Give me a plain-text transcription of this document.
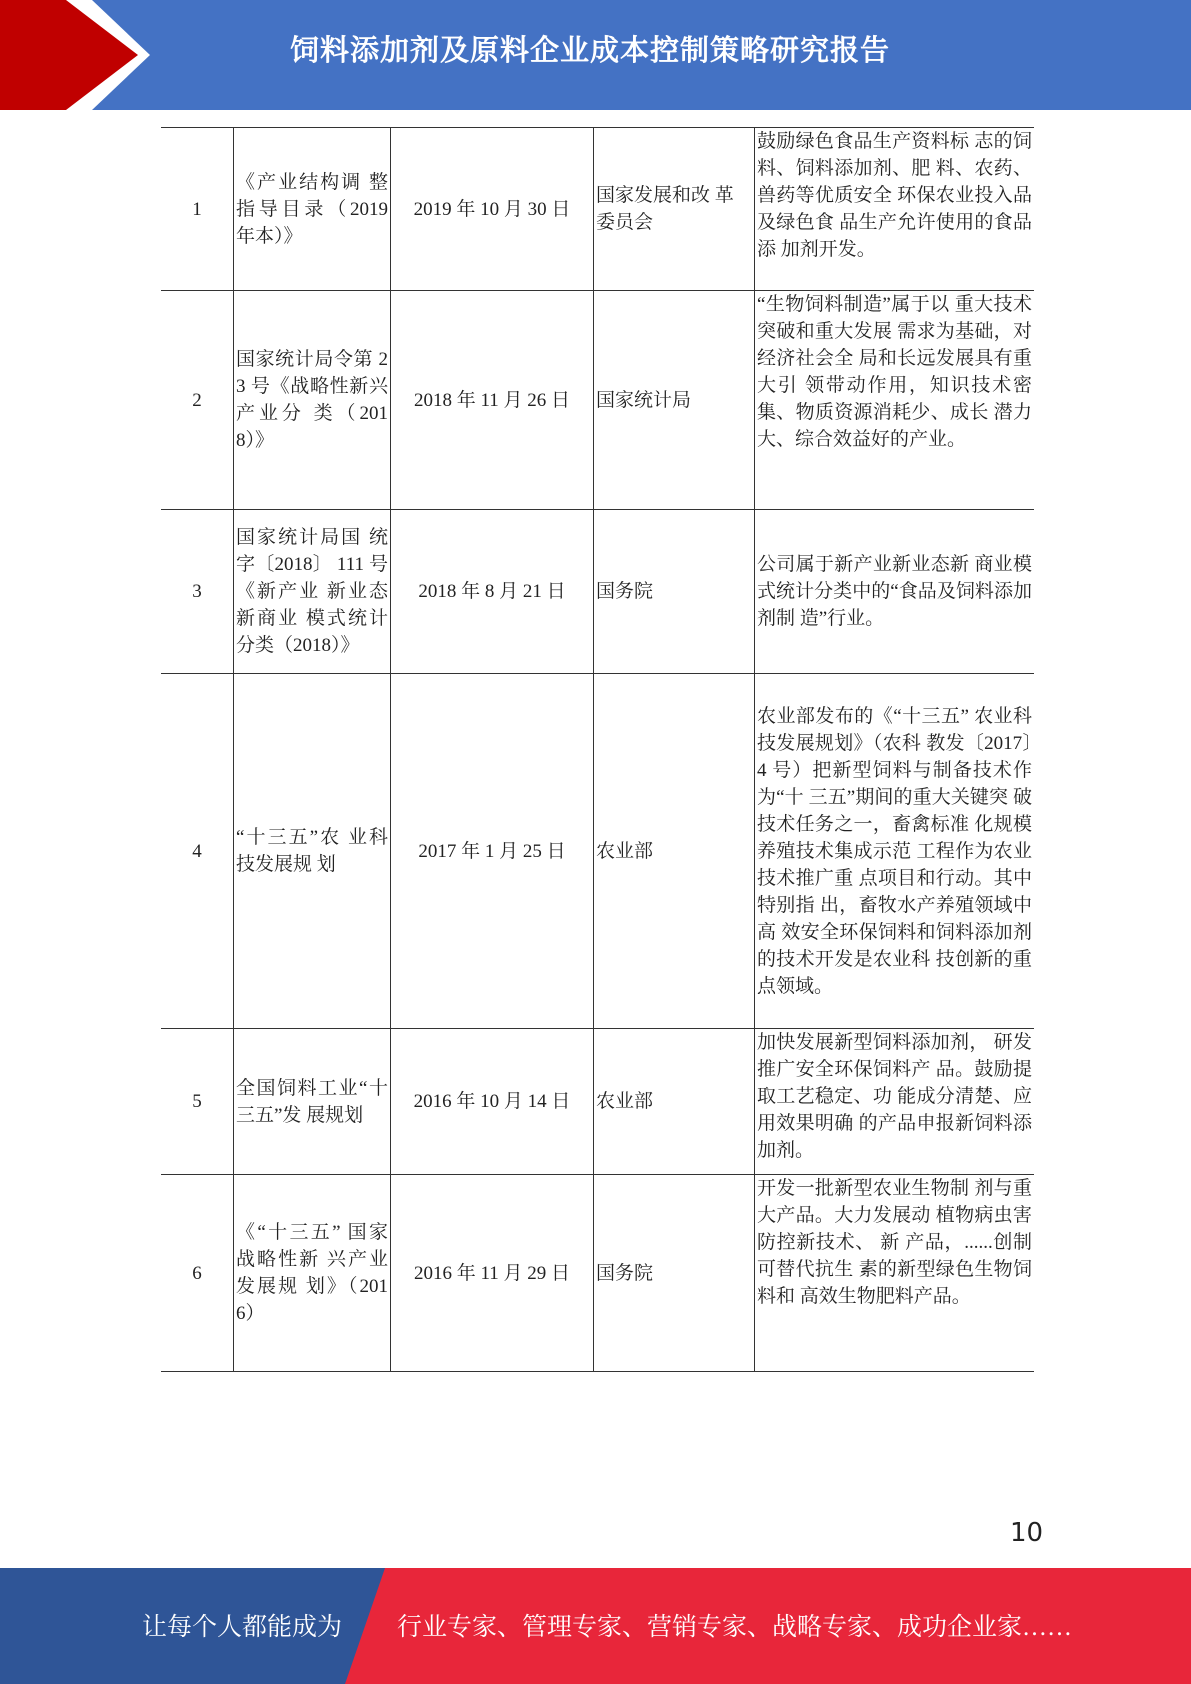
饲料添加剂及原料企业成本控制策略研究报告
1	《产业结构调 整指导目录（2019 年本）》	2019 年 10 月 30 日	国家发展和改 革委员会	鼓励绿色食品生产资料标 志的饲料、饲料添加剂、肥 料、农药、兽药等优质安全 环保农业投入品及绿色食 品生产允许使用的食品添 加剂开发。
2	国家统计局令第 23 号《战略性新兴产业分 类（2018）》	2018 年 11 月 26 日	国家统计局	“生物饲料制造”属于以 重大技术突破和重大发展 需求为基础，对经济社会全 局和长远发展具有重大引 领带动作用，知识技术密 集、物质资源消耗少、成长 潜力大、综合效益好的产业。
3	国家统计局国 统字〔2018〕 111 号《新产业 新业态新商业 模式统计分类（2018）》	2018 年 8 月 21 日	国务院	公司属于新产业新业态新 商业模式统计分类中的“食品及饲料添加剂制 造”行业。
4	“十三五”农 业科技发展规 划	2017 年 1 月 25 日	农业部	农业部发布的《“十三五” 农业科技发展规划》（农科 教发〔2017〕4 号）把新型饲料与制备技术作为“十 三五”期间的重大关键突 破技术任务之一，畜禽标准 化规模养殖技术集成示范 工程作为农业技术推广重 点项目和行动。其中特别指 出，畜牧水产养殖领域中高 效安全环保饲料和饲料添加剂的技术开发是农业科 技创新的重点领域。
5	全国饲料工业“十三五”发 展规划	2016 年 10 月 14 日	农业部	加快发展新型饲料添加剂， 研发推广安全环保饲料产 品。鼓励提取工艺稳定、功 能成分清楚、应用效果明确 的产品申报新饲料添加剂。
6	《“十三五” 国家战略性新 兴产业发展规 划》（2016）	2016 年 11 月 29 日	国务院	开发一批新型农业生物制 剂与重大产品。大力发展动 植物病虫害防控新技术、 新 产品，......创制可替代抗生 素的新型绿色生物饲料和 高效生物肥料产品。
10
让每个人都能成为	行业专家、管理专家、营销专家、战略专家、成功企业家……
